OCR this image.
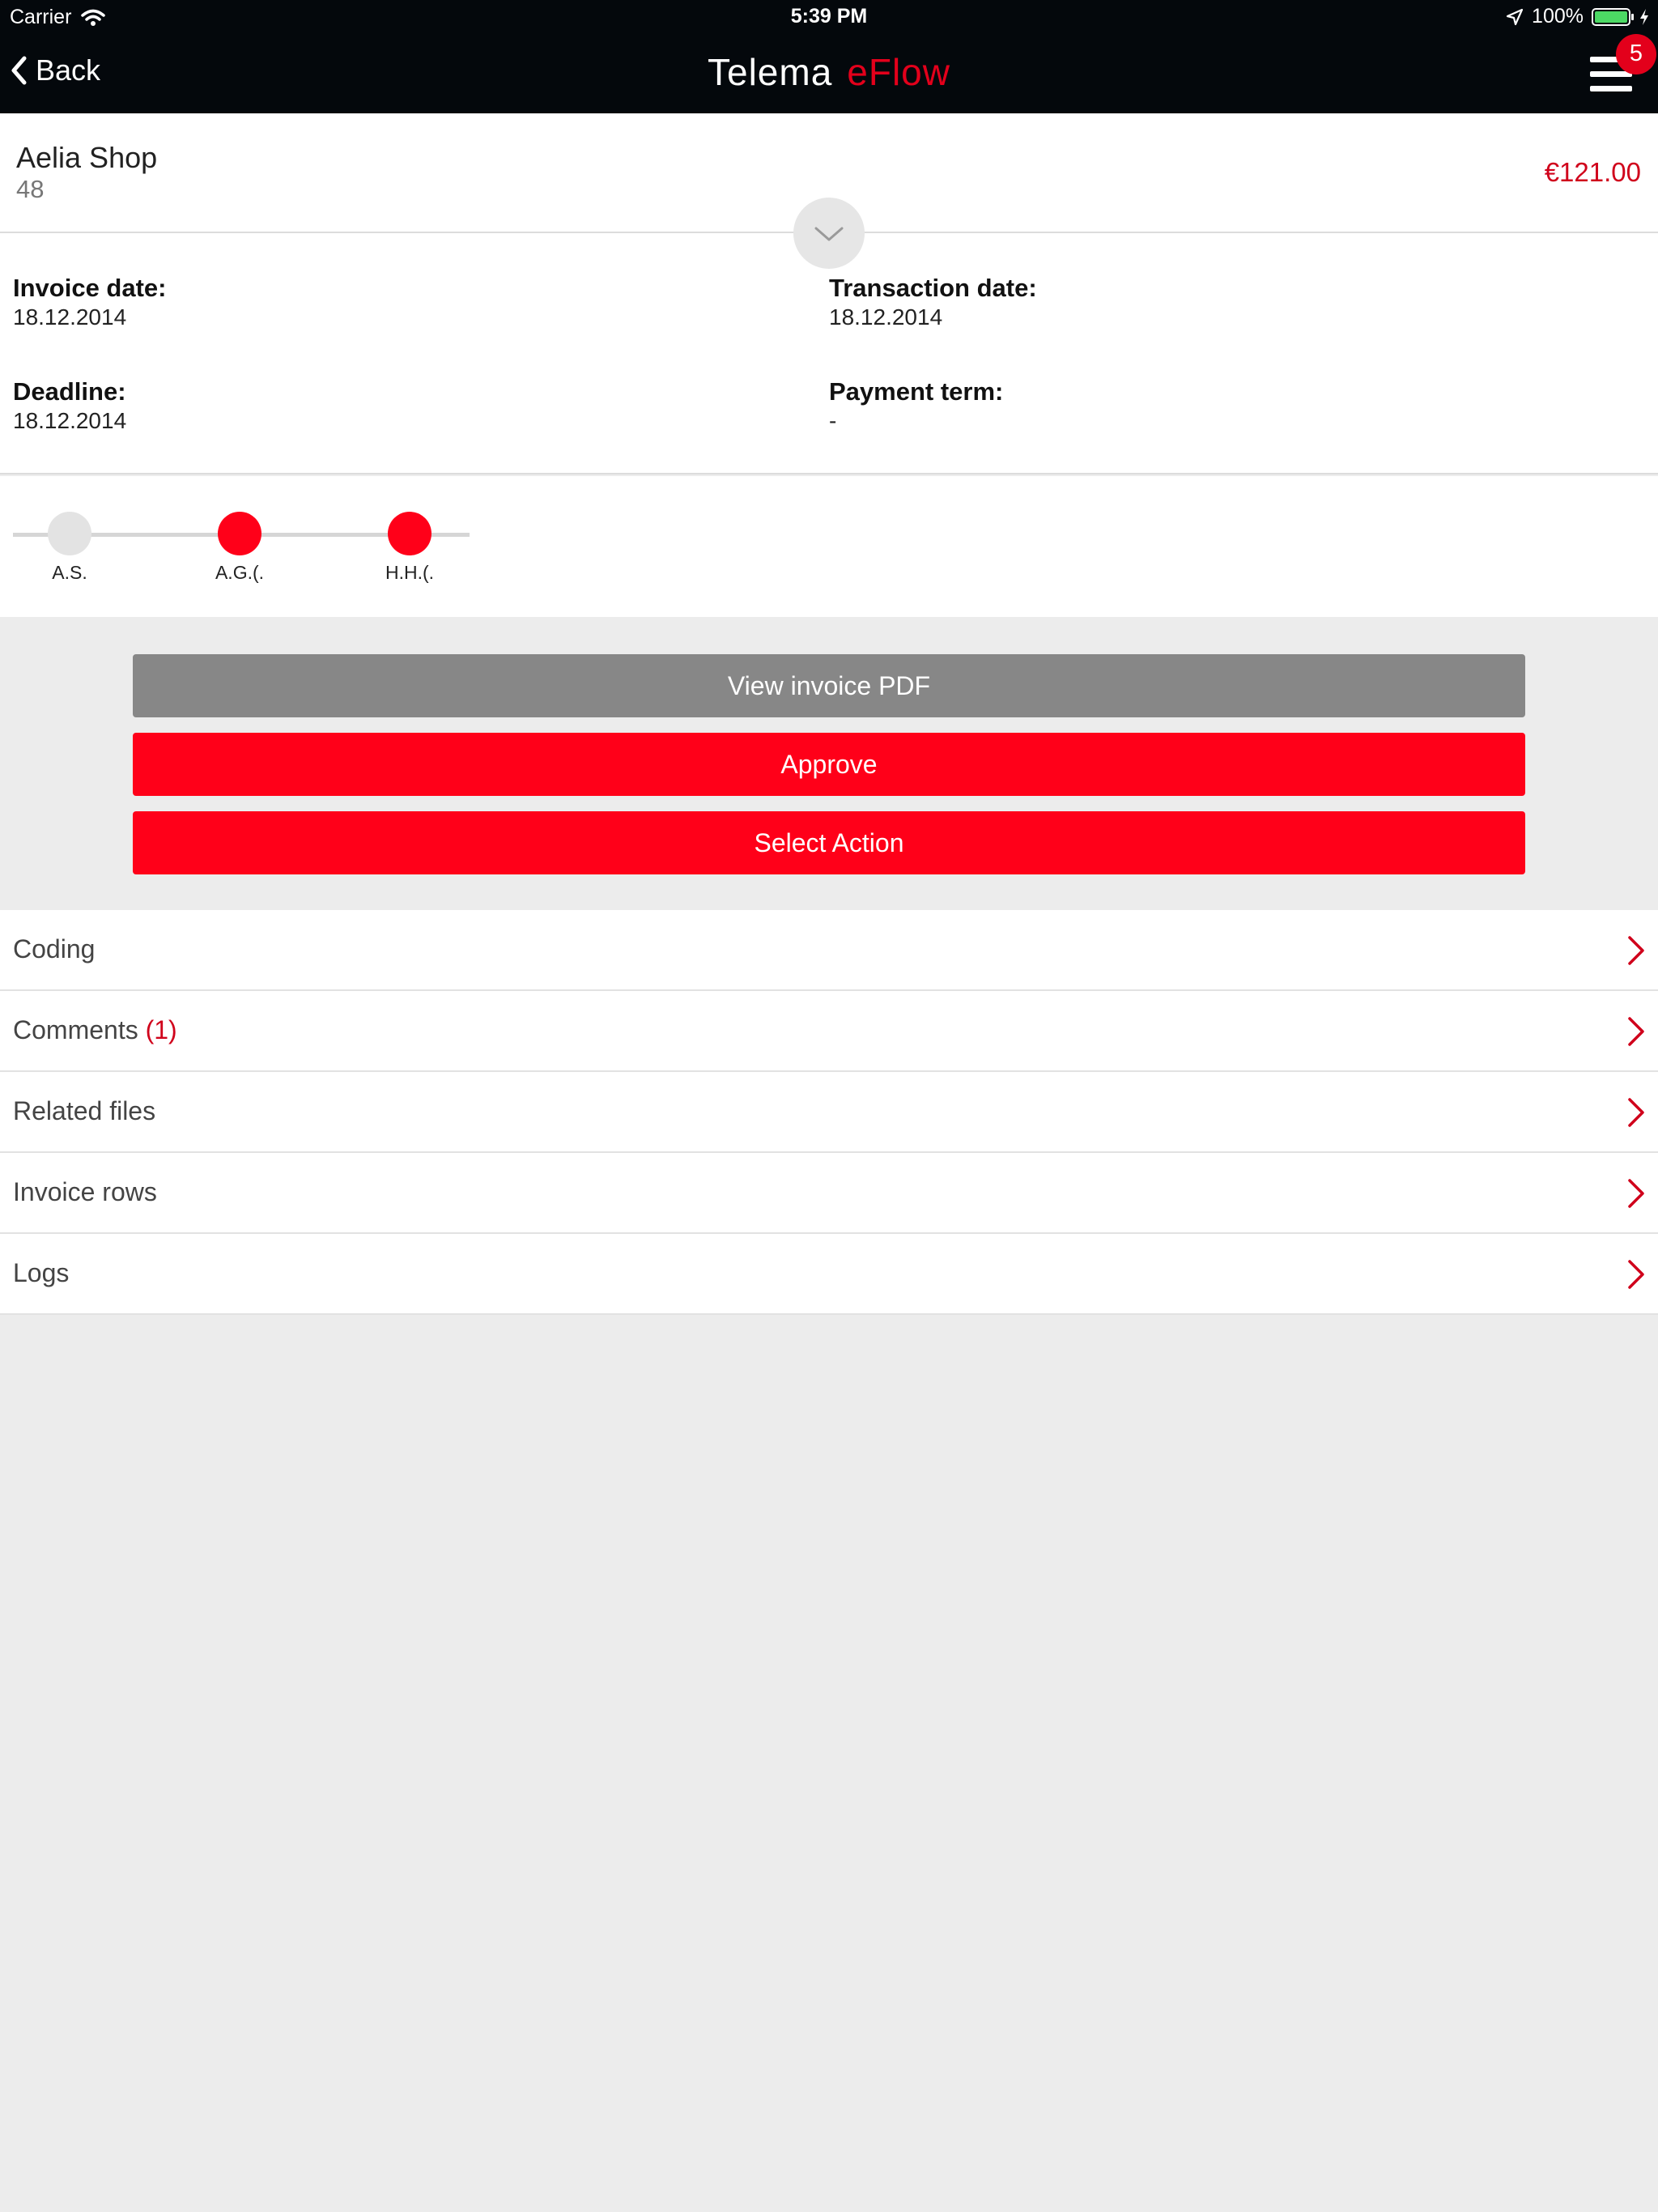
Carrier	5:39 PM	100%
Back	Telema eFlow	5
Aelia Shop
48
€121.00
Invoice date:
18.12.2014
Transaction date:
18.12.2014
Deadline:
18.12.2014
Payment term:
-
A.S.	A.G.(.	H.H.(.
View invoice PDF
Approve
Select Action
Coding
Comments (1)
Related files
Invoice rows
Logs
